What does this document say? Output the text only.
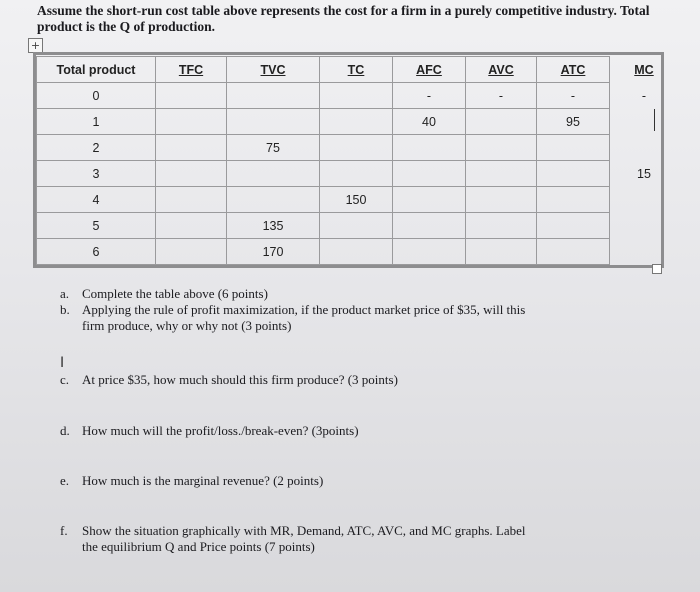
Assume the short-run cost table above represents the cost for a firm in a purely competitive industry. Total product is the Q of production.
+
Total product	TFC	TVC	TC	AFC	AVC	ATC	MC
0				-	-	-	-
1				40		95	
2		75					
3							15
4			150				
5		135					
6		170					
a. Complete the table above (6 points)
b. Applying the rule of profit maximization, if the product market price of $35, will this
firm produce, why or why not (3 points)
I
c. At price $35, how much should this firm produce? (3 points)
d. How much will the profit/loss./break-even? (3points)
e. How much is the marginal revenue? (2 points)
f. Show the situation graphically with MR, Demand, ATC, AVC, and MC graphs. Label
the equilibrium Q and Price points (7 points)
